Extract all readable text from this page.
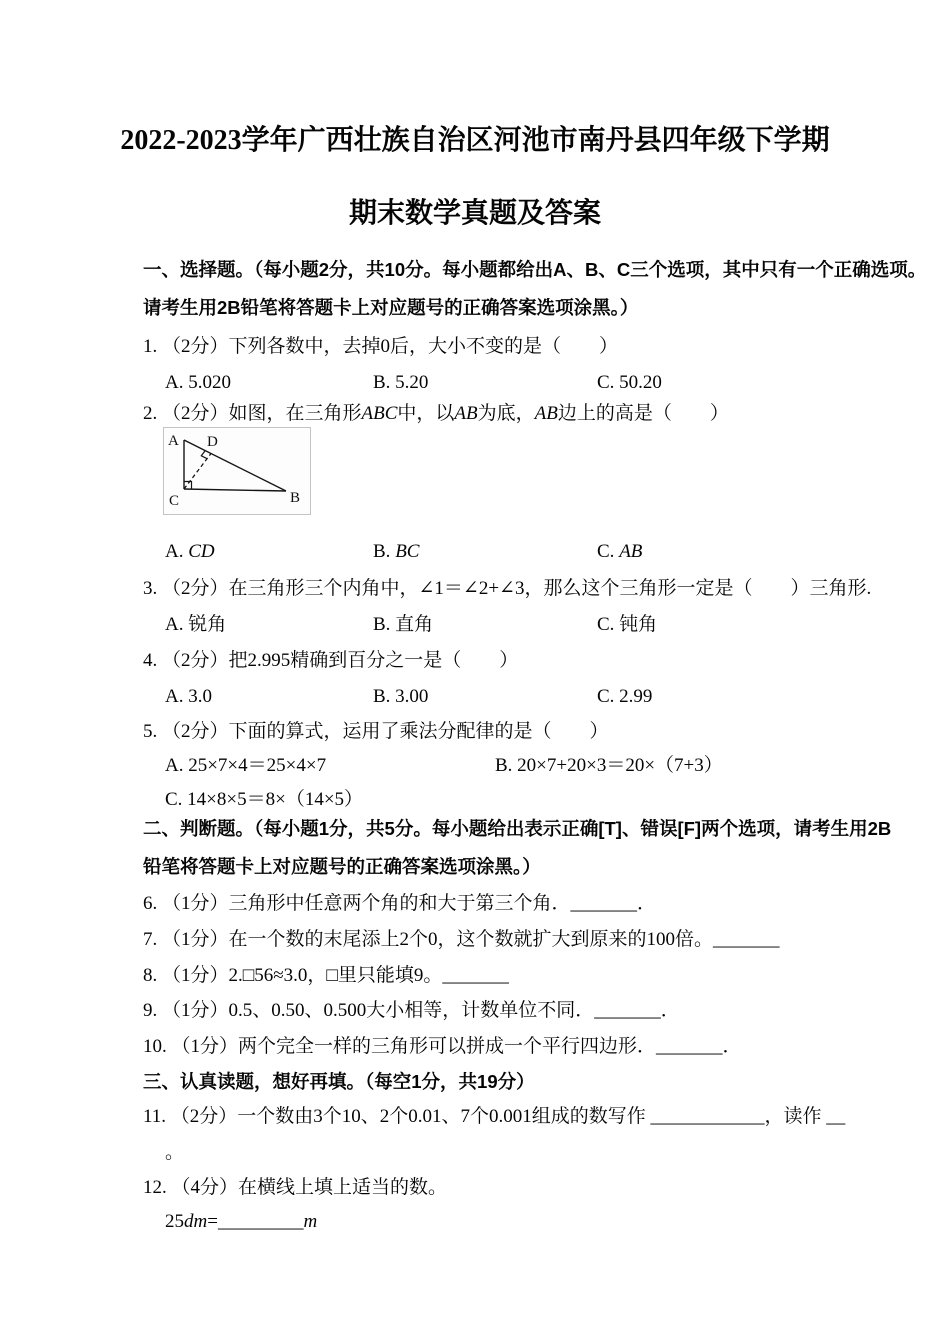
2022-2023学年广西壮族自治区河池市南丹县四年级下学期
期末数学真题及答案
一、选择题。（每小题2分，共10分。每小题都给出A、B、C三个选项，其中只有一个正确选项。
请考生用2B铅笔将答题卡上对应题号的正确答案选项涂黑。）
1. （2分）下列各数中，去掉0后，大小不变的是（　　）
A. 5.020	B. 5.20	C. 50.20
2. （2分）如图，在三角形ABC中，以AB为底，AB边上的高是（　　）
A D
C	B
A. CD	B. BC	C. AB
3. （2分）在三角形三个内角中，∠1＝∠2+∠3，那么这个三角形一定是（　　）三角形.
A. 锐角	B. 直角	C. 钝角
4. （2分）把2.995精确到百分之一是（　　）
A. 3.0	B. 3.00	C. 2.99
5. （2分）下面的算式，运用了乘法分配律的是（　　）
A. 25×7×4＝25×4×7	B. 20×7+20×3＝20×（7+3）
C. 14×8×5＝8×（14×5）
二、判断题。（每小题1分，共5分。每小题给出表示正确[T]、错误[F]两个选项，请考生用2B
铅笔将答题卡上对应题号的正确答案选项涂黑。）
6. （1分）三角形中任意两个角的和大于第三个角．_______．
7. （1分）在一个数的末尾添上2个0，这个数就扩大到原来的100倍。_______
8. （1分）2.□56≈3.0，□里只能填9。_______
9. （1分）0.5、0.50、0.500大小相等，计数单位不同．_______．
10. （1分）两个完全一样的三角形可以拼成一个平行四边形．_______．
三、认真读题，想好再填。（每空1分，共19分）
11. （2分）一个数由3个10、2个0.01、7个0.001组成的数写作 ____________，读作 __
。
12. （4分）在横线上填上适当的数。
25dm=_________m
